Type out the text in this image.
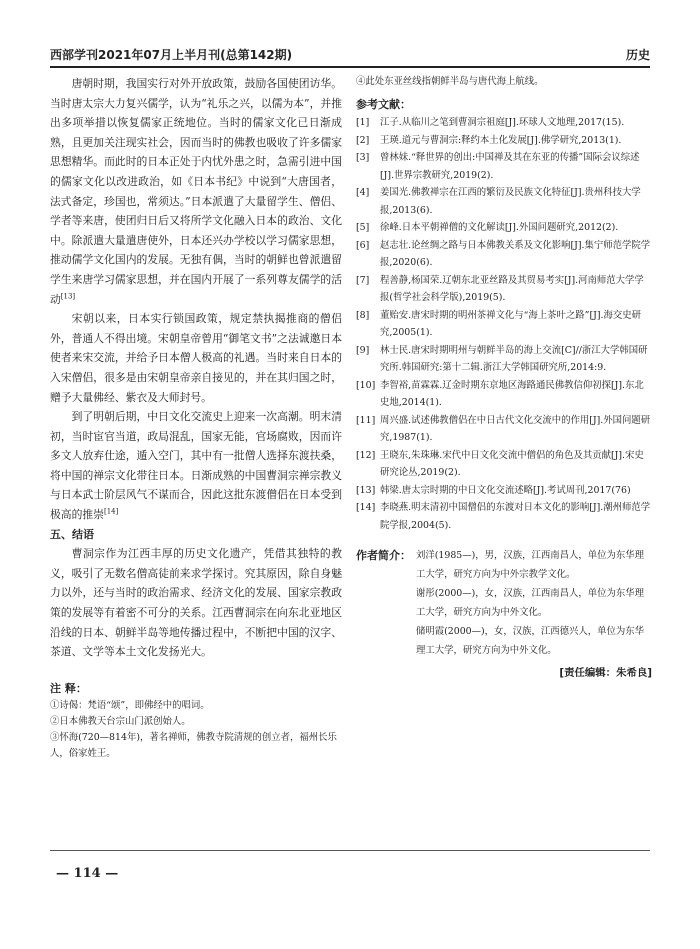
西部学刊2021年07月上半月刊(总第142期)	历史

唐朝时期，我国实行对外开放政策，鼓励各国使团访华。当时唐太宗大力复兴儒学，认为“礼乐之兴，以儒为本”，并推出多项举措以恢复儒家正统地位。当时的儒家文化已日渐成熟，且更加关注现实社会，因而当时的佛教也吸收了许多儒家思想精华。而此时的日本正处于内忧外患之时，急需引进中国的儒家文化以改进政治，如《日本书纪》中说到“大唐国者，法式备定，珍国也，常须达。”日本派遣了大量留学生、僧侣、学者等来唐，使团归日后又将所学文化融入日本的政治、文化中。除派遣大量遣唐使外，日本还兴办学校以学习儒家思想，推动儒学文化国内的发展。无独有偶，当时的朝鲜也曾派遣留学生来唐学习儒家思想，并在国内开展了一系列尊友儒学的活动[13]

宋朝以来，日本实行锁国政策，规定禁执揭推商的僧侣外，普通人不得出境。宋朝皇帝曾用“御笔文书”之法诚邀日本使者来宋交流，并给予日本僧人极高的礼遇。当时来自日本的入宋僧侣，很多是由宋朝皇帝亲自接见的，并在其归国之时，赠予大量佛经、紫衣及大师封号。

到了明朝后期，中日文化交流史上迎来一次高潮。明末清初，当时宦官当道，政局混乱，国家无能，官场腐败，因而许多文人放弃仕途，遁入空门，其中有一批僧人选择东渡扶桑，将中国的禅宗文化带往日本。日渐成熟的中国曹洞宗禅宗教义与日本武士阶层风气不谋而合，因此这批东渡僧侣在日本受到极高的推崇[14]

五、结语

曹洞宗作为江西丰厚的历史文化遗产，凭借其独特的教义，吸引了无数名僧高徒前来求学探讨。究其原因，除自身魅力以外，还与当时的政治需求、经济文化的发展、国家宗教政策的发展等有着密不可分的关系。江西曹洞宗在向东北亚地区沿线的日本、朝鲜半岛等地传播过程中，不断把中国的汉字、茶道、文学等本土文化发扬光大。

注 释：

①诗偈：梵语“颂”，即佛经中的唱词。

②日本佛教天台宗山门派创始人。

③怀海(720—814年)，著名禅师，佛教寺院清规的创立者，福州长乐人，俗家姓王。

④此处东亚丝线指朝鲜半岛与唐代海上航线。

参考文献：
[1]	江子.从临川之笔到曹洞宗祖庭[J].环球人文地理,2017(15).
[2]	王瑛.道元与曹洞宗:释约本土化发展[J].佛学研究,2013(1).
[3]	曾林妹.“释世界的创出:中国禅及其在东亚的传播”国际会议综述[J].世界宗教研究,2019(2).
[4]	姜国光.佛教禅宗在江西的繁衍及民族文化特征[J].贵州科技大学报,2013(6).
[5]	徐峰.日本平朝禅僧的文化解读[J].外国问题研究,2012(2).
[6]	赵志壮.论丝绸之路与日本佛教关系及文化影响[J].集宁师范学院学报,2020(6).
[7]	程善静,杨国荣.辽朝东北亚丝路及其贸易考实[J].河南师范大学学报(哲学社会科学版),2019(5).
[8]	董贻安.唐宋时期的明州茶禅文化与“海上茶叶之路”[J].海交史研究,2005(1).
[9]	林士民.唐宋时期明州与朝鲜半岛的海上交流[C]//浙江大学韩国研究所.韩国研究:第十二辑.浙江大学韩国研究所,2014:9.
[10] 李智裕,苗霖霖.辽金时期东京地区海路通民佛教信仰初探[J].东北史地,2014(1).
[11] 周兴盛.试述佛教僧侣在中日古代文化交流中的作用[J].外国问题研究,1987(1).
[12] 王晓东,朱珠琳.宋代中日文化交流中僧侣的角色及其贡献[J].宋史研究论丛,2019(2).
[13] 韩梁.唐太宗时期的中日文化交流述略[J].考试周刊,2017(76)
[14] 李晓燕.明末清初中国僧侣的东渡对日本文化的影响[J].潮州师范学院学报,2004(5).
作者简介： 刘洋(1985—)，男，汉族，江西南昌人，单位为东华理工大学，研究方向为中外宗教学文化。

谢彤(2000—)，女，汉族，江西南昌人，单位为东华理工大学，研究方向为中外文化。

储明霞(2000—)，女，汉族，江西德兴人，单位为东华理工大学，研究方向为中外文化。

[责任编辑：朱希良]
— 114 —
